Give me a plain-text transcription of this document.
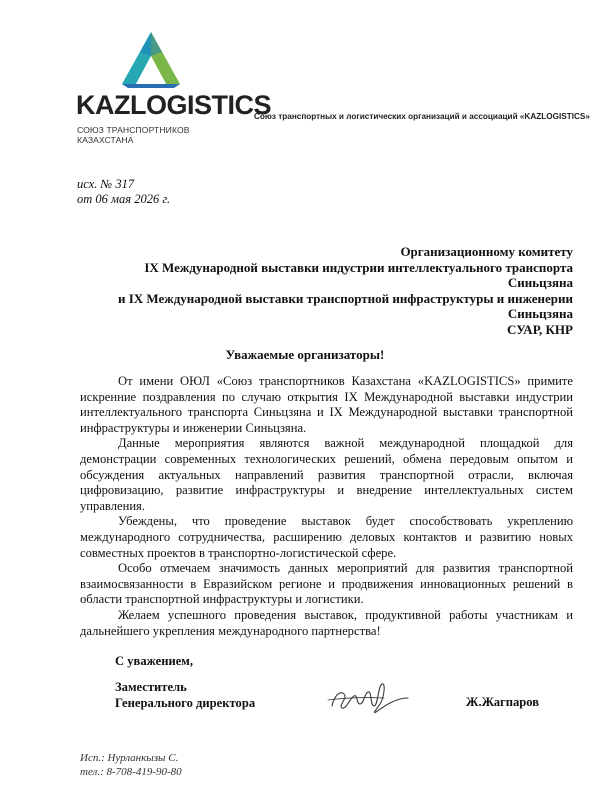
KAZLOGISTICS
СОЮЗ ТРАНСПОРТНИКОВ КАЗАХСТАНА
Союз транспортных и логистических организаций и ассоциаций «KAZLOGISTICS»
исх. № 317
от 06 мая 2026 г.
Организационному комитету
IX Международной выставки индустрии интеллектуального транспорта Синьцзяна
и IX Международной выставки транспортной инфраструктуры и инженерии
Синьцзяна
СУАР, КНР
Уважаемые организаторы!

От имени ОЮЛ «Союз транспортников Казахстана «KAZLOGISTICS» примите искренние поздравления по случаю открытия IX Международной выставки индустрии интеллектуального транспорта Синьцзяна и IX Международной выставки транспортной инфраструктуры и инженерии Синьцзяна.

Данные мероприятия являются важной международной площадкой для демонстрации современных технологических решений, обмена передовым опытом и обсуждения актуальных направлений развития транспортной отрасли, включая цифровизацию, развитие инфраструктуры и внедрение интеллектуальных систем управления.

Убеждены, что проведение выставок будет способствовать укреплению международного сотрудничества, расширению деловых контактов и развитию новых совместных проектов в транспортно-логистической сфере.

Особо отмечаем значимость данных мероприятий для развития транспортной взаимосвязанности в Евразийском регионе и продвижения инновационных решений в области транспортной инфраструктуры и логистики.

Желаем успешного проведения выставок, продуктивной работы участникам и дальнейшего укрепления международного партнерства!

С уважением,
Заместитель
Генерального директора	Ж.Жагпаров
Исп.: Нурланкызы С.
тел.: 8-708-419-90-80
